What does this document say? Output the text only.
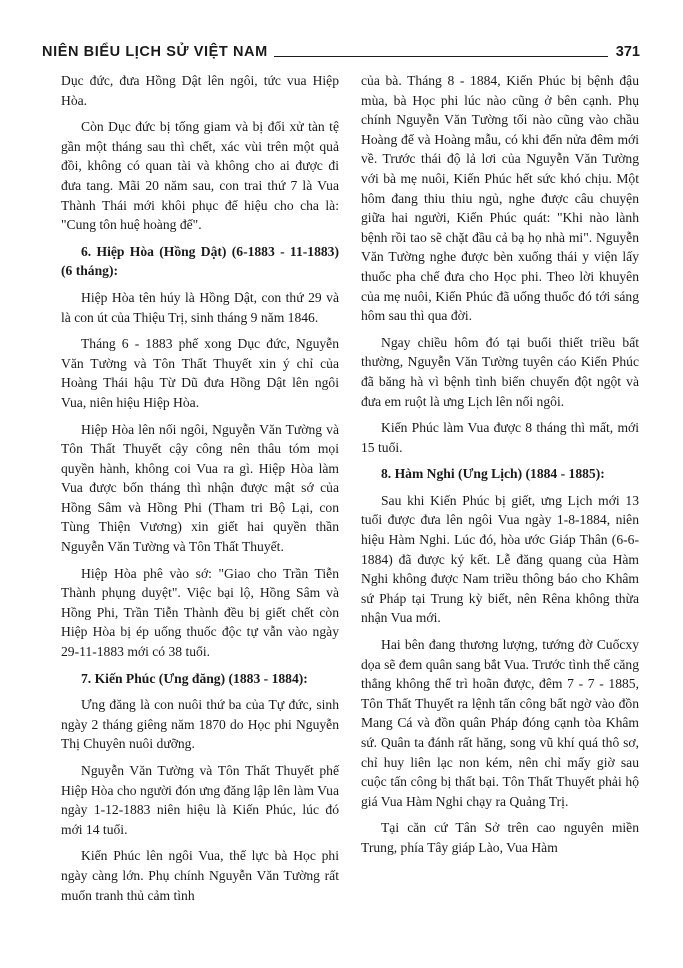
NIÊN BIỂU LỊCH SỬ VIỆT NAM	371

Dục đức, đưa Hồng Dật lên ngôi, tức vua Hiệp Hòa.

Còn Dục đức bị tống giam và bị đối xử tàn tệ gần một tháng sau thì chết, xác vùi trên một quả đồi, không có quan tài và không cho ai được đi đưa tang. Mãi 20 năm sau, con trai thứ 7 là Vua Thành Thái mới khôi phục đế hiệu cho cha là: "Cung tôn huệ hoàng đế".

6. Hiệp Hòa (Hồng Dật) (6-1883 - 11-1883) (6 tháng):

Hiệp Hòa tên húy là Hồng Dật, con thứ 29 và là con út của Thiệu Trị, sinh tháng 9 năm 1846.

Tháng 6 - 1883 phế xong Dục đức, Nguyễn Văn Tường và Tôn Thất Thuyết xin ý chỉ của Hoàng Thái hậu Từ Dũ đưa Hồng Dật lên ngôi Vua, niên hiệu Hiệp Hòa.

Hiệp Hòa lên nối ngôi, Nguyễn Văn Tường và Tôn Thất Thuyết cậy công nên thâu tóm mọi quyền hành, không coi Vua ra gì. Hiệp Hòa làm Vua được bốn tháng thì nhận được mật sớ của Hồng Sâm và Hồng Phi (Tham tri Bộ Lại, con Tùng Thiện Vương) xin giết hai quyền thần Nguyễn Văn Tường và Tôn Thất Thuyết.

Hiệp Hòa phê vào sớ: "Giao cho Trần Tiễn Thành phụng duyệt". Việc bại lộ, Hồng Sâm và Hồng Phi, Trần Tiễn Thành đều bị giết chết còn Hiệp Hòa bị ép uống thuốc độc tự vẫn vào ngày 29-11-1883 mới có 38 tuổi.

7. Kiến Phúc (Ưng đăng) (1883 - 1884):

Ưng đăng là con nuôi thứ ba của Tự đức, sinh ngày 2 tháng giêng năm 1870 do Học phi Nguyễn Thị Chuyên nuôi dưỡng.

Nguyễn Văn Tường và Tôn Thất Thuyết phế Hiệp Hòa cho người đón ưng đăng lập lên làm Vua ngày 1-12-1883 niên hiệu là Kiến Phúc, lúc đó mới 14 tuổi.

Kiến Phúc lên ngôi Vua, thế lực bà Học phi ngày càng lớn. Phụ chính Nguyễn Văn Tường rất muốn tranh thủ cảm tình

của bà. Tháng 8 - 1884, Kiến Phúc bị bệnh đậu mùa, bà Học phi lúc nào cũng ở bên cạnh. Phụ chính Nguyễn Văn Tường tối nào cũng vào chầu Hoàng đế và Hoàng mẫu, có khi đến nửa đêm mới về. Trước thái độ lả lơi của Nguyễn Văn Tường với bà mẹ nuôi, Kiến Phúc hết sức khó chịu. Một hôm đang thiu thiu ngủ, nghe được câu chuyện giữa hai người, Kiến Phúc quát: "Khi nào lành bệnh rồi tao sẽ chặt đầu cả bạ họ nhà mi". Nguyễn Văn Tường nghe được bèn xuống thái y viện lấy thuốc pha chế đưa cho Học phi. Theo lời khuyên của mẹ nuôi, Kiến Phúc đã uống thuốc đó tới sáng hôm sau thì qua đời.

Ngay chiều hôm đó tại buổi thiết triều bất thường, Nguyễn Văn Tường tuyên cáo Kiến Phúc đã băng hà vì bệnh tình biến chuyển đột ngột và đưa em ruột là ưng Lịch lên nối ngôi.

Kiến Phúc làm Vua được 8 tháng thì mất, mới 15 tuổi.

8. Hàm Nghi (Ưng Lịch) (1884 - 1885):

Sau khi Kiến Phúc bị giết, ưng Lịch mới 13 tuổi được đưa lên ngôi Vua ngày 1-8-1884, niên hiệu Hàm Nghi. Lúc đó, hòa ước Giáp Thân (6-6-1884) đã được ký kết. Lễ đăng quang của Hàm Nghi không được Nam triều thông báo cho Khâm sứ Pháp tại Trung kỳ biết, nên Rêna không thừa nhận Vua mới.

Hai bên đang thương lượng, tướng đờ Cuốcxy dọa sẽ đem quân sang bắt Vua. Trước tình thế căng thẳng không thể trì hoãn được, đêm 7 - 7 - 1885, Tôn Thất Thuyết ra lệnh tấn công bất ngờ vào đồn Mang Cá và đồn quân Pháp đóng cạnh tòa Khâm sứ. Quân ta đánh rất hăng, song vũ khí quá thô sơ, chỉ huy liên lạc non kém, nên chỉ mấy giờ sau cuộc tấn công bị thất bại. Tôn Thất Thuyết phải hộ giá Vua Hàm Nghi chạy ra Quảng Trị.

Tại căn cứ Tân Sở trên cao nguyên miền Trung, phía Tây giáp Lào, Vua Hàm
